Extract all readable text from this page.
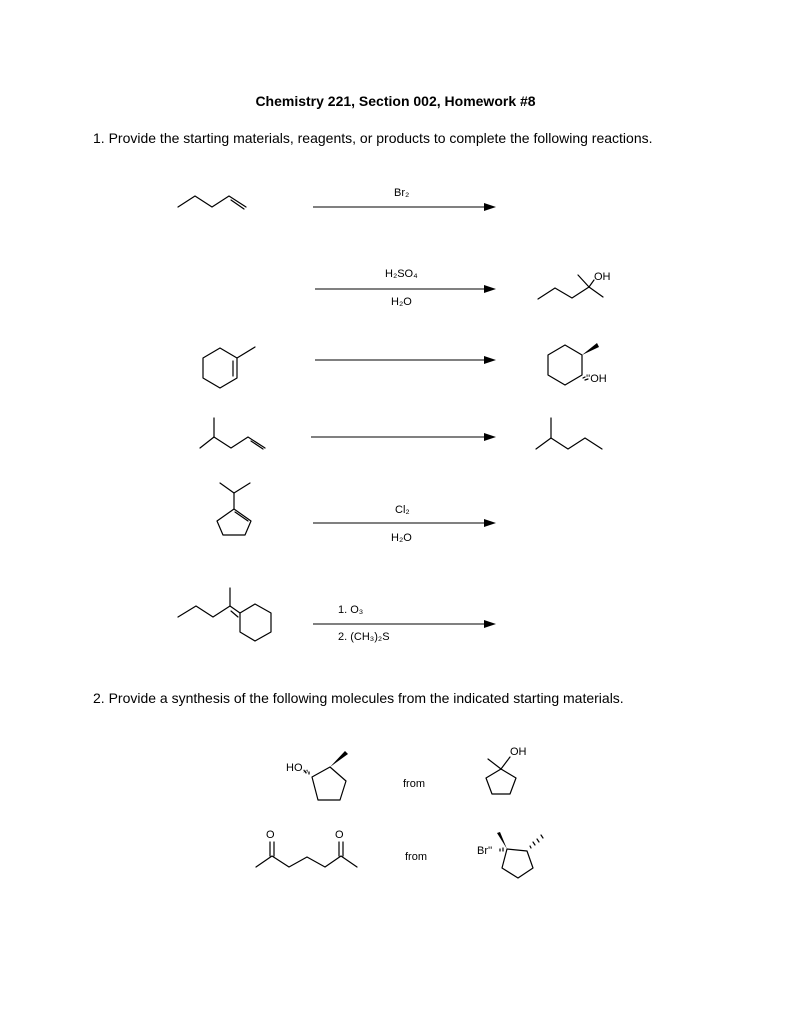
Chemistry 221, Section 002, Homework #8
1. Provide the starting materials, reagents, or products to complete the following reactions.
Br₂
H₂SO₄
H₂O
OH
''OH
Cl₂
H₂O
1. O₃
2. (CH₃)₂S
2. Provide a synthesis of the following molecules from the indicated starting materials.
HO,,
from
OH
O	O
from	Br''
